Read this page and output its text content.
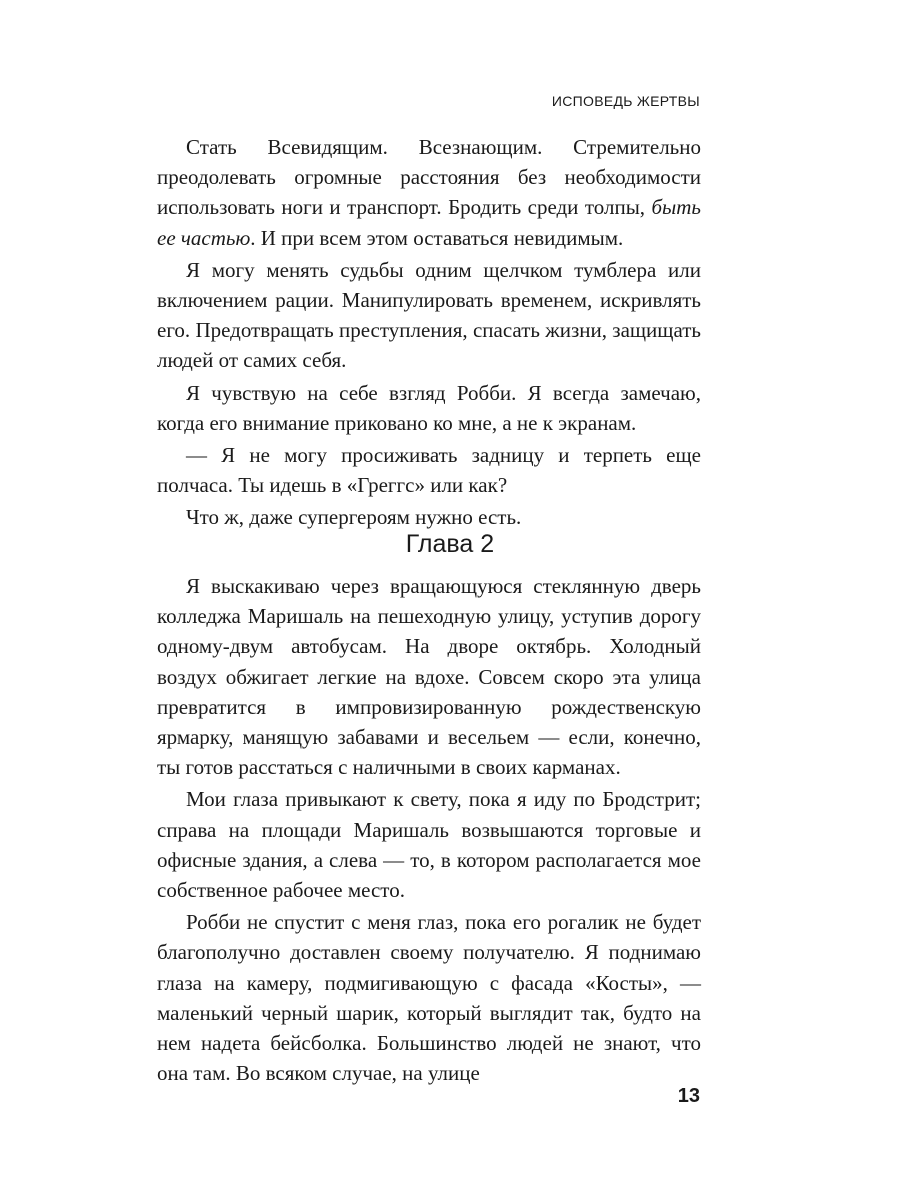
ИСПОВЕДЬ ЖЕРТВЫ

Стать Всевидящим. Всезнающим. Стремительно преодолевать огромные расстояния без необходимости использовать ноги и транспорт. Бродить среди толпы, быть ее частью. И при всем этом оставаться невидимым.

Я могу менять судьбы одним щелчком тумблера или включением рации. Манипулировать временем, искривлять его. Предотвращать преступления, спасать жизни, защищать людей от самих себя.

Я чувствую на себе взгляд Робби. Я всегда замечаю, когда его внимание приковано ко мне, а не к экранам.

— Я не могу просиживать задницу и терпеть еще полчаса. Ты идешь в «Греггс» или как?

Что ж, даже супергероям нужно есть.

Глава 2

Я выскакиваю через вращающуюся стеклянную дверь колледжа Маришаль на пешеходную улицу, уступив дорогу одному-двум автобусам. На дворе октябрь. Холодный воздух обжигает легкие на вдохе. Совсем скоро эта улица превратится в импровизированную рождественскую ярмарку, манящую забавами и весельем — если, конечно, ты готов расстаться с наличными в своих карманах.

Мои глаза привыкают к свету, пока я иду по Бродстрит; справа на площади Маришаль возвышаются торговые и офисные здания, а слева — то, в котором располагается мое собственное рабочее место.

Робби не спустит с меня глаз, пока его рогалик не будет благополучно доставлен своему получателю. Я поднимаю глаза на камеру, подмигивающую с фасада «Косты», — маленький черный шарик, который выглядит так, будто на нем надета бейсболка. Большинство людей не знают, что она там. Во всяком случае, на улице

13
